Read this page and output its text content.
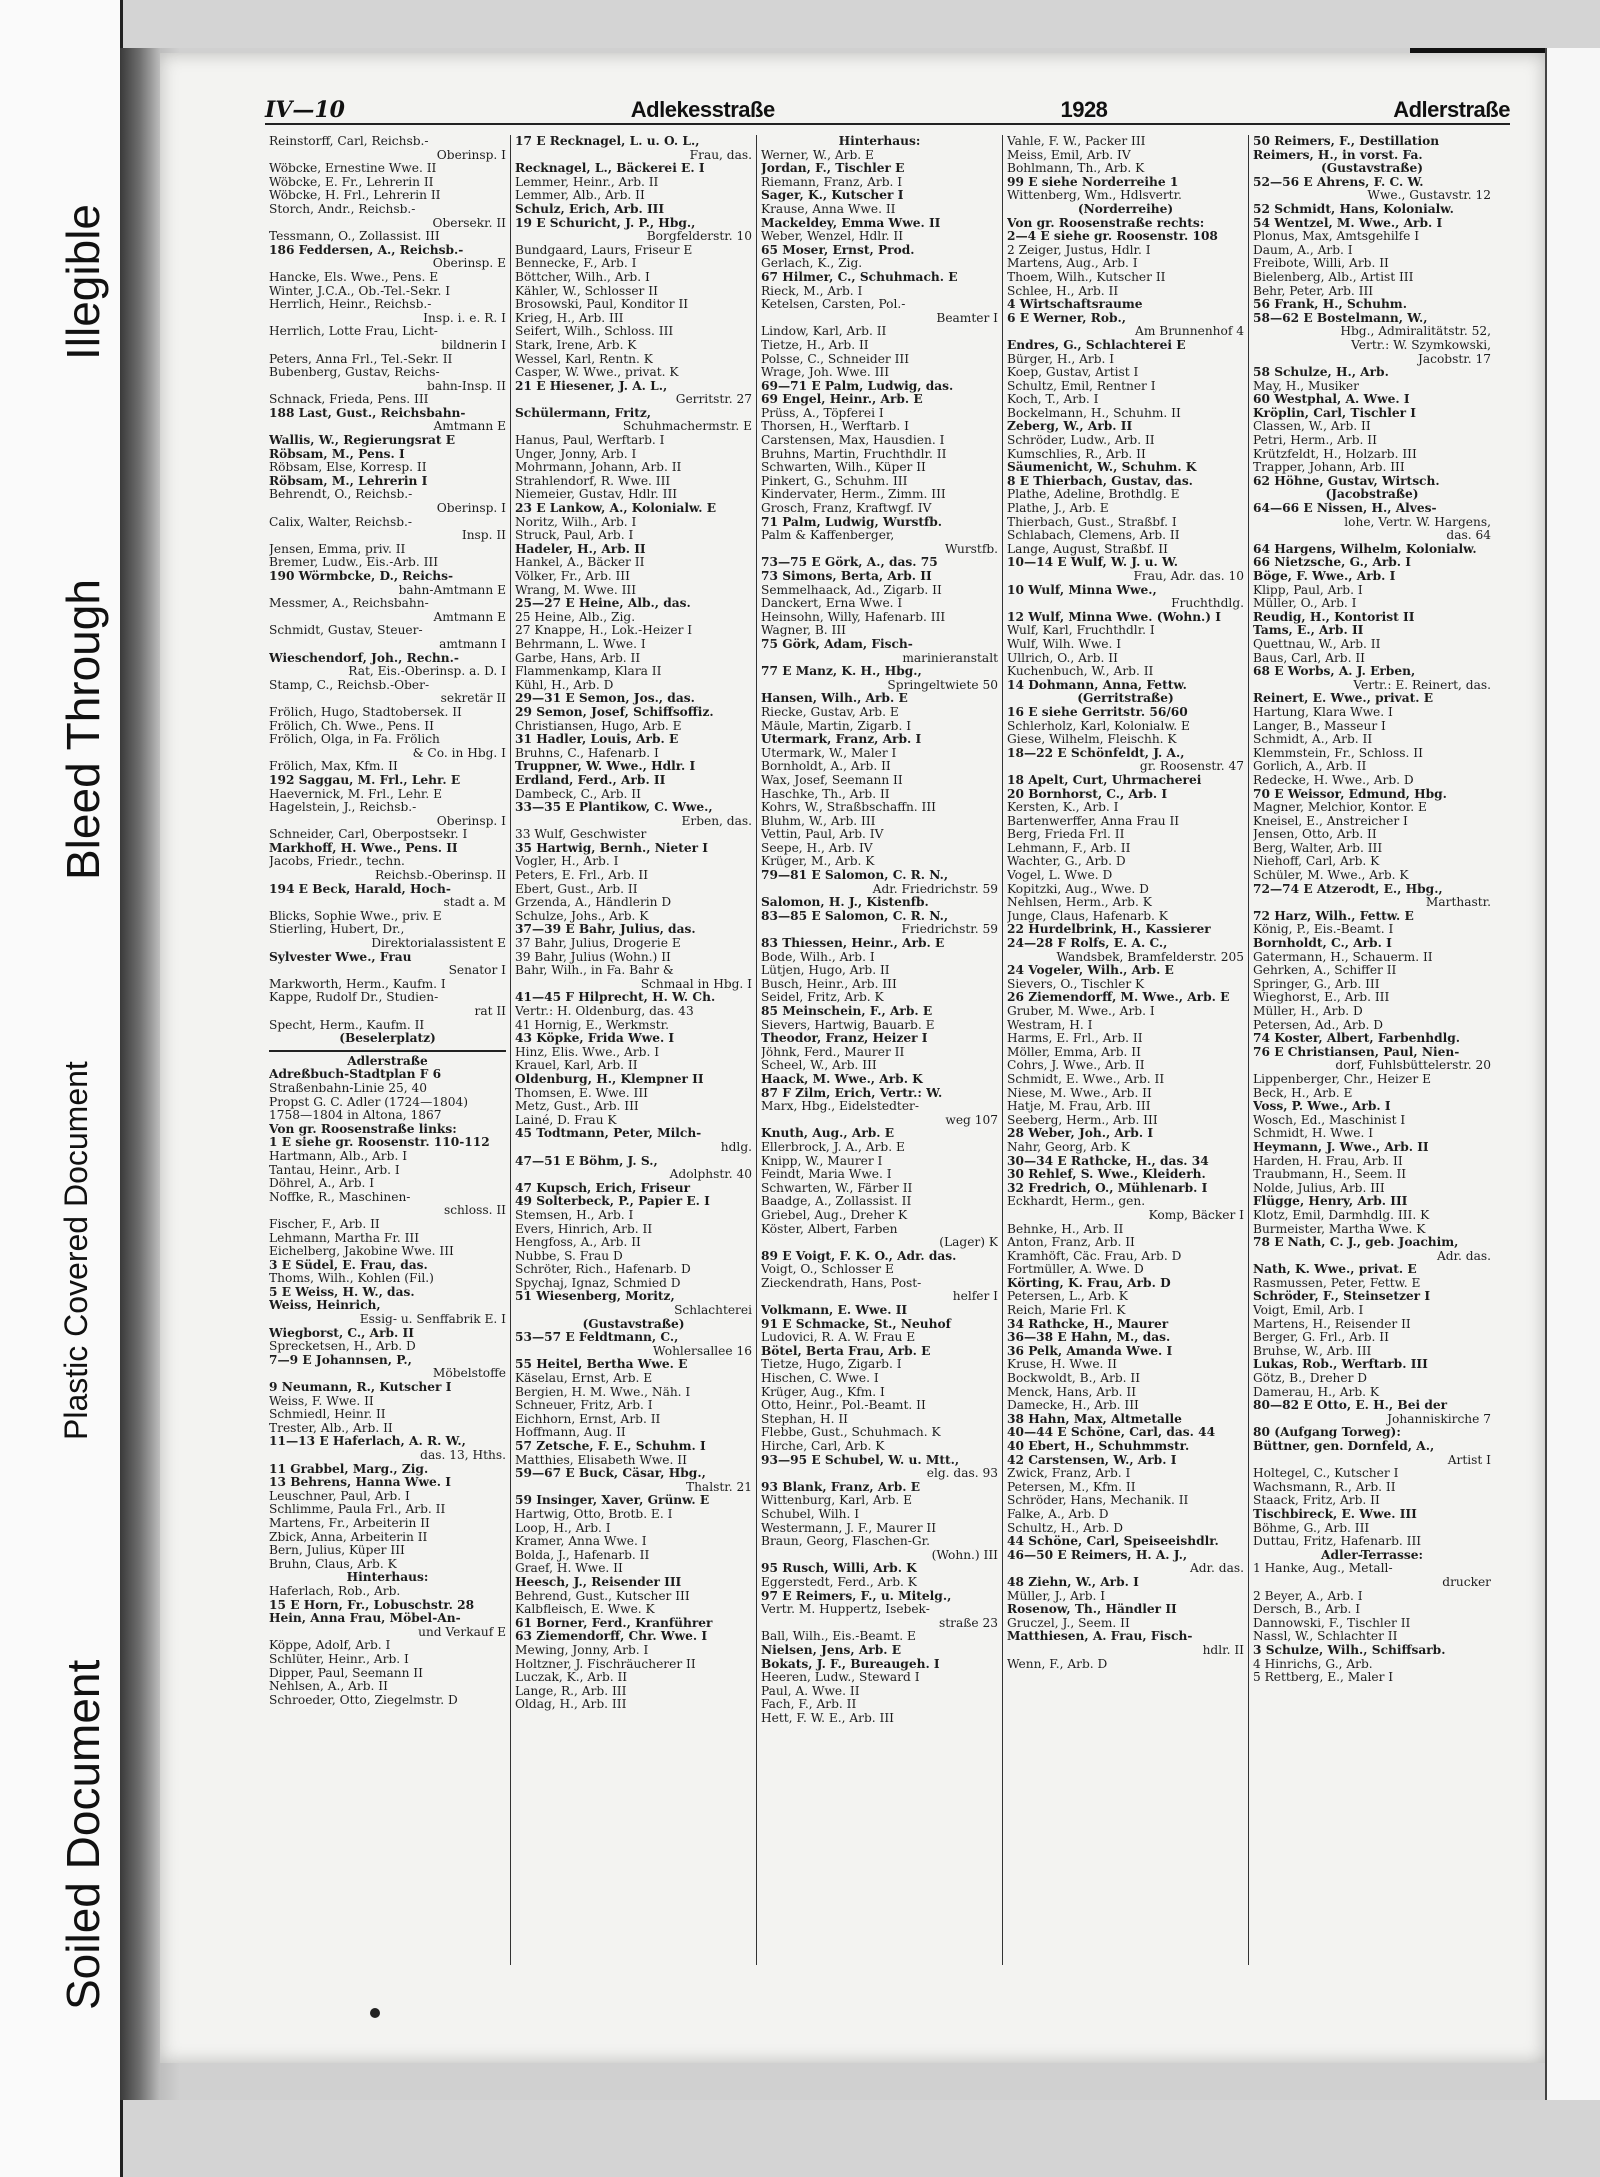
Soiled Document
Plastic Covered Document
Bleed Through
Illegible
IV—10	Adlekesstraße	1928	Adlerstraße
Reinstorff, Carl, Reichsb.-
Oberinsp. I
Wöbcke, Ernestine Wwe. II
Wöbcke, E. Fr., Lehrerin II
Wöbcke, H. Frl., Lehrerin II
Storch, Andr., Reichsb.-
Obersekr. II
Tessmann, O., Zollassist. III
186 Feddersen, A., Reichsb.-
Oberinsp. E
Hancke, Els. Wwe., Pens. E
Winter, J.C.A., Ob.-Tel.-Sekr. I
Herrlich, Heinr., Reichsb.-
Insp. i. e. R. I
Herrlich, Lotte Frau, Licht-
bildnerin I
Peters, Anna Frl., Tel.-Sekr. II
Bubenberg, Gustav, Reichs-
bahn-Insp. II
Schnack, Frieda, Pens. III
188 Last, Gust., Reichsbahn-
Amtmann E
Wallis, W., Regierungsrat E
Röbsam, M., Pens. I
Röbsam, Else, Korresp. II
Röbsam, M., Lehrerin I
Behrendt, O., Reichsb.-
Oberinsp. I
Calix, Walter, Reichsb.-
Insp. II
Jensen, Emma, priv. II
Bremer, Ludw., Eis.-Arb. III
190 Wörmbcke, D., Reichs-
bahn-Amtmann E
Messmer, A., Reichsbahn-
Amtmann E
Schmidt, Gustav, Steuer-
amtmann I
Wieschendorf, Joh., Rechn.-
Rat, Eis.-Oberinsp. a. D. I
Stamp, C., Reichsb.-Ober-
sekretär II
Frölich, Hugo, Stadtobersek. II
Frölich, Ch. Wwe., Pens. II
Frölich, Olga, in Fa. Frölich
& Co. in Hbg. I
Frölich, Max, Kfm. II
192 Saggau, M. Frl., Lehr. E
Haevernick, M. Frl., Lehr. E
Hagelstein, J., Reichsb.-
Oberinsp. I
Schneider, Carl, Oberpostsekr. I
Markhoff, H. Wwe., Pens. II
Jacobs, Friedr., techn.
Reichsb.-Oberinsp. II
194 E Beck, Harald, Hoch-
stadt a. M
Blicks, Sophie Wwe., priv. E
Stierling, Hubert, Dr.,
Direktorialassistent E
Sylvester Wwe., Frau
Senator I
Markworth, Herm., Kaufm. I
Kappe, Rudolf Dr., Studien-
rat II
Specht, Herm., Kaufm. II
(Beselerplatz)
Adlerstraße
Adreßbuch-Stadtplan F 6
Straßenbahn-Linie 25, 40
Propst G. C. Adler (1724—1804)
1758—1804 in Altona, 1867
Von gr. Roosenstraße links:
1 E siehe gr. Roosenstr. 110-112
Hartmann, Alb., Arb. I
Tantau, Heinr., Arb. I
Döhrel, A., Arb. I
Noffke, R., Maschinen-
schloss. II
Fischer, F., Arb. II
Lehmann, Martha Fr. III
Eichelberg, Jakobine Wwe. III
3 E Südel, E. Frau, das.
Thoms, Wilh., Kohlen (Fil.)
5 E Weiss, H. W., das.
Weiss, Heinrich,
Essig- u. Senffabrik E. I
Wiegborst, C., Arb. II
Sprecketsen, H., Arb. D
7—9 E Johannsen, P.,
Möbelstoffe
9 Neumann, R., Kutscher I
Weiss, F. Wwe. II
Schmiedl, Heinr. II
Trester, Alb., Arb. II
11—13 E Haferlach, A. R. W.,
das. 13, Hths.
11 Grabbel, Marg., Zig.
13 Behrens, Hanna Wwe. I
Leuschner, Paul, Arb. I
Schlimme, Paula Frl., Arb. II
Martens, Fr., Arbeiterin II
Zbick, Anna, Arbeiterin II
Bern, Julius, Küper III
Bruhn, Claus, Arb. K
Hinterhaus:
Haferlach, Rob., Arb.
15 E Horn, Fr., Lobuschstr. 28
Hein, Anna Frau, Möbel-An-
und Verkauf E
Köppe, Adolf, Arb. I
Schlüter, Heinr., Arb. I
Dipper, Paul, Seemann II
Nehlsen, A., Arb. II
Schroeder, Otto, Ziegelmstr. D
17 E Recknagel, L. u. O. L.,
Frau, das.
Recknagel, L., Bäckerei E. I
Lemmer, Heinr., Arb. II
Lemmer, Alb., Arb. II
Schulz, Erich, Arb. III
19 E Schuricht, J. P., Hbg.,
Borgfelderstr. 10
Bundgaard, Laurs, Friseur E
Bennecke, F., Arb. I
Böttcher, Wilh., Arb. I
Kähler, W., Schlosser II
Brosowski, Paul, Konditor II
Krieg, H., Arb. III
Seifert, Wilh., Schloss. III
Stark, Irene, Arb. K
Wessel, Karl, Rentn. K
Casper, W. Wwe., privat. K
21 E Hiesener, J. A. L.,
Gerritstr. 27
Schülermann, Fritz,
Schuhmachermstr. E
Hanus, Paul, Werftarb. I
Unger, Jonny, Arb. I
Mohrmann, Johann, Arb. II
Strahlendorf, R. Wwe. III
Niemeier, Gustav, Hdlr. III
23 E Lankow, A., Kolonialw. E
Noritz, Wilh., Arb. I
Struck, Paul, Arb. I
Hadeler, H., Arb. II
Hankel, A., Bäcker II
Völker, Fr., Arb. III
Wrang, M. Wwe. III
25—27 E Heine, Alb., das.
25 Heine, Alb., Zig.
27 Knappe, H., Lok.-Heizer I
Behrmann, L. Wwe. I
Garbe, Hans, Arb. II
Flammenkamp, Klara II
Kühl, H., Arb. D
29—31 E Semon, Jos., das.
29 Semon, Josef, Schiffsoffiz.
Christiansen, Hugo, Arb. E
31 Hadler, Louis, Arb. E
Bruhns, C., Hafenarb. I
Truppner, W. Wwe., Hdlr. I
Erdland, Ferd., Arb. II
Dambeck, C., Arb. II
33—35 E Plantikow, C. Wwe.,
Erben, das.
33 Wulf, Geschwister
35 Hartwig, Bernh., Nieter I
Vogler, H., Arb. I
Peters, E. Frl., Arb. II
Ebert, Gust., Arb. II
Grzenda, A., Händlerin D
Schulze, Johs., Arb. K
37—39 E Bahr, Julius, das.
37 Bahr, Julius, Drogerie E
39 Bahr, Julius (Wohn.) II
Bahr, Wilh., in Fa. Bahr &
Schmaal in Hbg. I
41—45 F Hilprecht, H. W. Ch.
Vertr.: H. Oldenburg, das. 43
41 Hornig, E., Werkmstr.
43 Köpke, Frida Wwe. I
Hinz, Elis. Wwe., Arb. I
Krauel, Karl, Arb. II
Oldenburg, H., Klempner II
Thomsen, E. Wwe. III
Metz, Gust., Arb. III
Lainé, D. Frau K
45 Todtmann, Peter, Milch-
hdlg.
47—51 E Böhm, J. S.,
Adolphstr. 40
47 Kupsch, Erich, Friseur
49 Solterbeck, P., Papier E. I
Stemsen, H., Arb. I
Evers, Hinrich, Arb. II
Hengfoss, A., Arb. II
Nubbe, S. Frau D
Schröter, Rich., Hafenarb. D
Spychaj, Ignaz, Schmied D
51 Wiesenberg, Moritz,
Schlachterei
(Gustavstraße)
53—57 E Feldtmann, C.,
Wohlersallee 16
55 Heitel, Bertha Wwe. E
Käselau, Ernst, Arb. E
Bergien, H. M. Wwe., Näh. I
Schneuer, Fritz, Arb. I
Eichhorn, Ernst, Arb. II
Hoffmann, Aug. II
57 Zetsche, F. E., Schuhm. I
Matthies, Elisabeth Wwe. II
59—67 E Buck, Cäsar, Hbg.,
Thalstr. 21
59 Insinger, Xaver, Grünw. E
Hartwig, Otto, Brotb. E. I
Loop, H., Arb. I
Kramer, Anna Wwe. I
Bolda, J., Hafenarb. II
Graef, H. Wwe. II
Heesch, J., Reisender III
Behrend, Gust., Kutscher III
Kalbfleisch, E. Wwe. K
61 Borner, Ferd., Kranführer
63 Ziemendorff, Chr. Wwe. I
Mewing, Jonny, Arb. I
Holtzner, J. Fischräucherer II
Luczak, K., Arb. II
Lange, R., Arb. III
Oldag, H., Arb. III
Hinterhaus:
Werner, W., Arb. E
Jordan, F., Tischler E
Riemann, Franz, Arb. I
Sager, K., Kutscher I
Krause, Anna Wwe. II
Mackeldey, Emma Wwe. II
Weber, Wenzel, Hdlr. II
65 Moser, Ernst, Prod.
Gerlach, K., Zig.
67 Hilmer, C., Schuhmach. E
Rieck, M., Arb. I
Ketelsen, Carsten, Pol.-
Beamter I
Lindow, Karl, Arb. II
Tietze, H., Arb. II
Polsse, C., Schneider III
Wrage, Joh. Wwe. III
69—71 E Palm, Ludwig, das.
69 Engel, Heinr., Arb. E
Prüss, A., Töpferei I
Thorsen, H., Werftarb. I
Carstensen, Max, Hausdien. I
Bruhns, Martin, Fruchthdlr. II
Schwarten, Wilh., Küper II
Pinkert, G., Schuhm. III
Kindervater, Herm., Zimm. III
Grosch, Franz, Kraftwgf. IV
71 Palm, Ludwig, Wurstfb.
Palm & Kaffenberger,
Wurstfb.
73—75 E Görk, A., das. 75
73 Simons, Berta, Arb. II
Semmelhaack, Ad., Zigarb. II
Danckert, Erna Wwe. I
Heinsohn, Willy, Hafenarb. III
Wagner, B. III
75 Görk, Adam, Fisch-
marinieranstalt
77 E Manz, K. H., Hbg.,
Springeltwiete 50
Hansen, Wilh., Arb. E
Riecke, Gustav, Arb. E
Mäule, Martin, Zigarb. I
Utermark, Franz, Arb. I
Utermark, W., Maler I
Bornholdt, A., Arb. II
Wax, Josef, Seemann II
Haschke, Th., Arb. II
Kohrs, W., Straßbschaffn. III
Bluhm, W., Arb. III
Vettin, Paul, Arb. IV
Seepe, H., Arb. IV
Krüger, M., Arb. K
79—81 E Salomon, C. R. N.,
Adr. Friedrichstr. 59
Salomon, H. J., Kistenfb.
83—85 E Salomon, C. R. N.,
Friedrichstr. 59
83 Thiessen, Heinr., Arb. E
Bode, Wilh., Arb. I
Lütjen, Hugo, Arb. II
Busch, Heinr., Arb. III
Seidel, Fritz, Arb. K
85 Meinschein, F., Arb. E
Sievers, Hartwig, Bauarb. E
Theodor, Franz, Heizer I
Jöhnk, Ferd., Maurer II
Scheel, W., Arb. III
Haack, M. Wwe., Arb. K
87 F Zilm, Erich, Vertr.: W.
Marx, Hbg., Eidelstedter-
weg 107
Knuth, Aug., Arb. E
Ellerbrock, J. A., Arb. E
Knipp, W., Maurer I
Feindt, Maria Wwe. I
Schwarten, W., Färber II
Baadge, A., Zollassist. II
Griebel, Aug., Dreher K
Köster, Albert, Farben
(Lager) K
89 E Voigt, F. K. O., Adr. das.
Voigt, O., Schlosser E
Zieckendrath, Hans, Post-
helfer I
Volkmann, E. Wwe. II
91 E Schmacke, St., Neuhof
Ludovici, R. A. W. Frau E
Bötel, Berta Frau, Arb. E
Tietze, Hugo, Zigarb. I
Hischen, C. Wwe. I
Krüger, Aug., Kfm. I
Otto, Heinr., Pol.-Beamt. II
Stephan, H. II
Flebbe, Gust., Schuhmach. K
Hirche, Carl, Arb. K
93—95 E Schubel, W. u. Mtt.,
elg. das. 93
93 Blank, Franz, Arb. E
Wittenburg, Karl, Arb. E
Schubel, Wilh. I
Westermann, J. F., Maurer II
Braun, Georg, Flaschen-Gr.
(Wohn.) III
95 Rusch, Willi, Arb. K
Eggerstedt, Ferd., Arb. K
97 E Reimers, F., u. Mitelg.,
Vertr. M. Huppertz, Isebek-
straße 23
Ball, Wilh., Eis.-Beamt. E
Nielsen, Jens, Arb. E
Bokats, J. F., Bureaugeh. I
Heeren, Ludw., Steward I
Paul, A. Wwe. II
Fach, F., Arb. II
Hett, F. W. E., Arb. III
Vahle, F. W., Packer III
Meiss, Emil, Arb. IV
Bohlmann, Th., Arb. K
99 E siehe Norderreihe 1
Wittenberg, Wm., Hdlsvertr.
(Norderreihe)
Von gr. Roosenstraße rechts:
2—4 E siehe gr. Roosenstr. 108
2 Zeiger, Justus, Hdlr. I
Martens, Aug., Arb. I
Thoem, Wilh., Kutscher II
Schlee, H., Arb. II
4 Wirtschaftsraume
6 E Werner, Rob.,
Am Brunnenhof 4
Endres, G., Schlachterei E
Bürger, H., Arb. I
Koep, Gustav, Artist I
Schultz, Emil, Rentner I
Koch, T., Arb. I
Bockelmann, H., Schuhm. II
Zeberg, W., Arb. II
Schröder, Ludw., Arb. II
Kumschlies, R., Arb. II
Säumenicht, W., Schuhm. K
8 E Thierbach, Gustav, das.
Plathe, Adeline, Brothdlg. E
Plathe, J., Arb. E
Thierbach, Gust., Straßbf. I
Schlabach, Clemens, Arb. II
Lange, August, Straßbf. II
10—14 E Wulf, W. J. u. W.
Frau, Adr. das. 10
10 Wulf, Minna Wwe.,
Fruchthdlg.
12 Wulf, Minna Wwe. (Wohn.) I
Wulf, Karl, Fruchthdlr. I
Wulf, Wilh. Wwe. I
Ullrich, O., Arb. II
Kuchenbuch, W., Arb. II
14 Dohmann, Anna, Fettw.
(Gerritstraße)
16 E siehe Gerritstr. 56/60
Schlerholz, Karl, Kolonialw. E
Giese, Wilhelm, Fleischh. K
18—22 E Schönfeldt, J. A.,
gr. Roosenstr. 47
18 Apelt, Curt, Uhrmacherei
20 Bornhorst, C., Arb. I
Kersten, K., Arb. I
Bartenwerffer, Anna Frau II
Berg, Frieda Frl. II
Lehmann, F., Arb. II
Wachter, G., Arb. D
Vogel, L. Wwe. D
Kopitzki, Aug., Wwe. D
Nehlsen, Herm., Arb. K
Junge, Claus, Hafenarb. K
22 Hurdelbrink, H., Kassierer
24—28 F Rolfs, E. A. C.,
Wandsbek, Bramfelderstr. 205
24 Vogeler, Wilh., Arb. E
Sievers, O., Tischler K
26 Ziemendorff, M. Wwe., Arb. E
Gruber, M. Wwe., Arb. I
Westram, H. I
Harms, E. Frl., Arb. II
Möller, Emma, Arb. II
Cohrs, J. Wwe., Arb. II
Schmidt, E. Wwe., Arb. II
Niese, M. Wwe., Arb. II
Hatje, M. Frau, Arb. III
Seeberg, Herm., Arb. III
28 Weber, Joh., Arb. I
Nahr, Georg, Arb. K
30—34 E Rathcke, H., das. 34
30 Rehlef, S. Wwe., Kleiderh.
32 Fredrich, O., Mühlenarb. I
Eckhardt, Herm., gen.
Komp, Bäcker I
Behnke, H., Arb. II
Anton, Franz, Arb. II
Kramhöft, Cäc. Frau, Arb. D
Fortmüller, A. Wwe. D
Körting, K. Frau, Arb. D
Petersen, L., Arb. K
Reich, Marie Frl. K
34 Rathcke, H., Maurer
36—38 E Hahn, M., das.
36 Pelk, Amanda Wwe. I
Kruse, H. Wwe. II
Bockwoldt, B., Arb. II
Menck, Hans, Arb. II
Damecke, H., Arb. III
38 Hahn, Max, Altmetalle
40—44 E Schöne, Carl, das. 44
40 Ebert, H., Schuhmmstr.
42 Carstensen, W., Arb. I
Zwick, Franz, Arb. I
Petersen, M., Kfm. II
Schröder, Hans, Mechanik. II
Falke, A., Arb. D
Schultz, H., Arb. D
44 Schöne, Carl, Speiseeishdlr.
46—50 E Reimers, H. A. J.,
Adr. das.
48 Ziehn, W., Arb. I
Müller, J., Arb. I
Rosenow, Th., Händler II
Gruczel, J., Seem. II
Matthiesen, A. Frau, Fisch-
hdlr. II
Wenn, F., Arb. D
50 Reimers, F., Destillation
Reimers, H., in vorst. Fa.
(Gustavstraße)
52—56 E Ahrens, F. C. W.
Wwe., Gustavstr. 12
52 Schmidt, Hans, Kolonialw.
54 Wentzel, M. Wwe., Arb. I
Plonus, Max, Amtsgehilfe I
Daum, A., Arb. I
Freibote, Willi, Arb. II
Bielenberg, Alb., Artist III
Behr, Peter, Arb. III
56 Frank, H., Schuhm.
58—62 E Bostelmann, W.,
Hbg., Admiralitätstr. 52,
Vertr.: W. Szymkowski,
Jacobstr. 17
58 Schulze, H., Arb.
May, H., Musiker
60 Westphal, A. Wwe. I
Kröplin, Carl, Tischler I
Classen, W., Arb. II
Petri, Herm., Arb. II
Krützfeldt, H., Holzarb. III
Trapper, Johann, Arb. III
62 Höhne, Gustav, Wirtsch.
(Jacobstraße)
64—66 E Nissen, H., Alves-
lohe, Vertr. W. Hargens,
das. 64
64 Hargens, Wilhelm, Kolonialw.
66 Nietzsche, G., Arb. I
Böge, F. Wwe., Arb. I
Klipp, Paul, Arb. I
Müller, O., Arb. I
Reudig, H., Kontorist II
Tams, E., Arb. II
Quettnau, W., Arb. II
Baus, Carl, Arb. II
68 E Worbs, A. J. Erben,
Vertr.: E. Reinert, das.
Reinert, E. Wwe., privat. E
Hartung, Klara Wwe. I
Langer, B., Masseur I
Schmidt, A., Arb. II
Klemmstein, Fr., Schloss. II
Gorlich, A., Arb. II
Redecke, H. Wwe., Arb. D
70 E Weissor, Edmund, Hbg.
Magner, Melchior, Kontor. E
Kneisel, E., Anstreicher I
Jensen, Otto, Arb. II
Berg, Walter, Arb. III
Niehoff, Carl, Arb. K
Schüler, M. Wwe., Arb. K
72—74 E Atzerodt, E., Hbg.,
Marthastr.
72 Harz, Wilh., Fettw. E
König, P., Eis.-Beamt. I
Bornholdt, C., Arb. I
Gatermann, H., Schauerm. II
Gehrken, A., Schiffer II
Springer, G., Arb. III
Wieghorst, E., Arb. III
Müller, H., Arb. D
Petersen, Ad., Arb. D
74 Koster, Albert, Farbenhdlg.
76 E Christiansen, Paul, Nien-
dorf, Fuhlsbüttelerstr. 20
Lippenberger, Chr., Heizer E
Beck, H., Arb. E
Voss, P. Wwe., Arb. I
Wosch, Ed., Maschinist I
Schmidt, H. Wwe. I
Heymann, J. Wwe., Arb. II
Harden, H. Frau, Arb. II
Traubmann, H., Seem. II
Nolde, Julius, Arb. III
Flügge, Henry, Arb. III
Klotz, Emil, Darmhdlg. III. K
Burmeister, Martha Wwe. K
78 E Nath, C. J., geb. Joachim,
Adr. das.
Nath, K. Wwe., privat. E
Rasmussen, Peter, Fettw. E
Schröder, F., Steinsetzer I
Voigt, Emil, Arb. I
Martens, H., Reisender II
Berger, G. Frl., Arb. II
Bruhse, W., Arb. III
Lukas, Rob., Werftarb. III
Götz, B., Dreher D
Damerau, H., Arb. K
80—82 E Otto, E. H., Bei der
Johanniskirche 7
80 (Aufgang Torweg):
Büttner, gen. Dornfeld, A.,
Artist I
Holtegel, C., Kutscher I
Wachsmann, R., Arb. II
Staack, Fritz, Arb. II
Tischbireck, E. Wwe. III
Böhme, G., Arb. III
Duttau, Fritz, Hafenarb. III
Adler-Terrasse:
1 Hanke, Aug., Metall-
drucker
2 Beyer, A., Arb. I
Dersch, B., Arb. I
Dannowski, F., Tischler II
Nassl, W., Schlachter II
3 Schulze, Wilh., Schiffsarb.
4 Hinrichs, G., Arb.
5 Rettberg, E., Maler I
